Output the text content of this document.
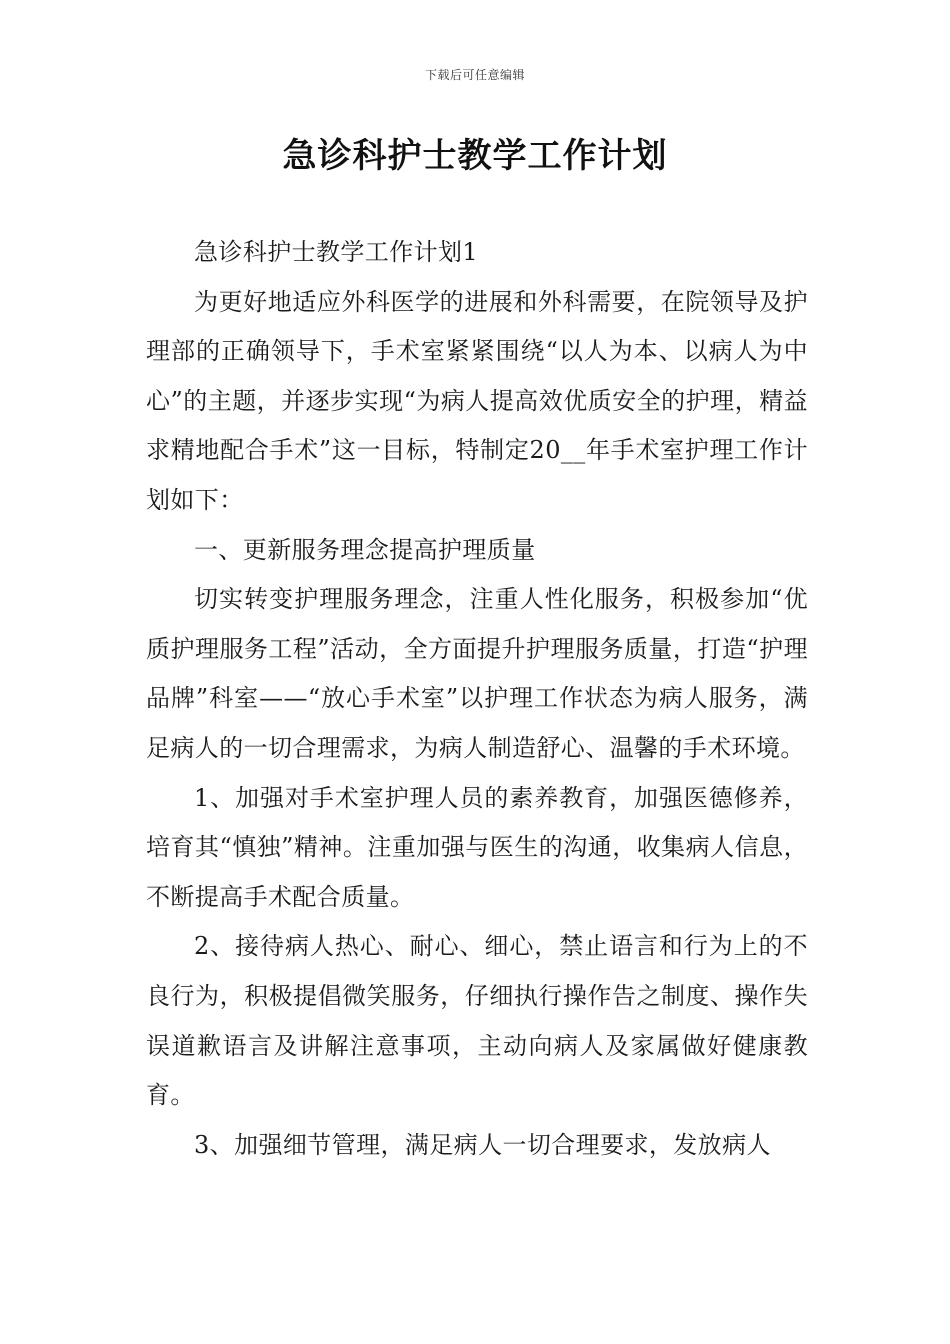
下载后可任意编辑
急诊科护士教学工作计划

急诊科护士教学工作计划1

为更好地适应外科医学的进展和外科需要，在院领导及护理部的正确领导下，手术室紧紧围绕“以人为本、以病人为中心”的主题，并逐步实现“为病人提高效优质安全的护理，精益求精地配合手术”这一目标，特制定20__年手术室护理工作计划如下：

一、更新服务理念提高护理质量

切实转变护理服务理念，注重人性化服务，积极参加“优质护理服务工程”活动，全方面提升护理服务质量，打造“护理品牌”科室——“放心手术室”以护理工作状态为病人服务，满足病人的一切合理需求，为病人制造舒心、温馨的手术环境。

1、加强对手术室护理人员的素养教育，加强医德修养，培育其“慎独”精神。注重加强与医生的沟通，收集病人信息，不断提高手术配合质量。

2、接待病人热心、耐心、细心，禁止语言和行为上的不良行为，积极提倡微笑服务，仔细执行操作告之制度、操作失误道歉语言及讲解注意事项，主动向病人及家属做好健康教育。

3、加强细节管理，满足病人一切合理要求，发放病人
